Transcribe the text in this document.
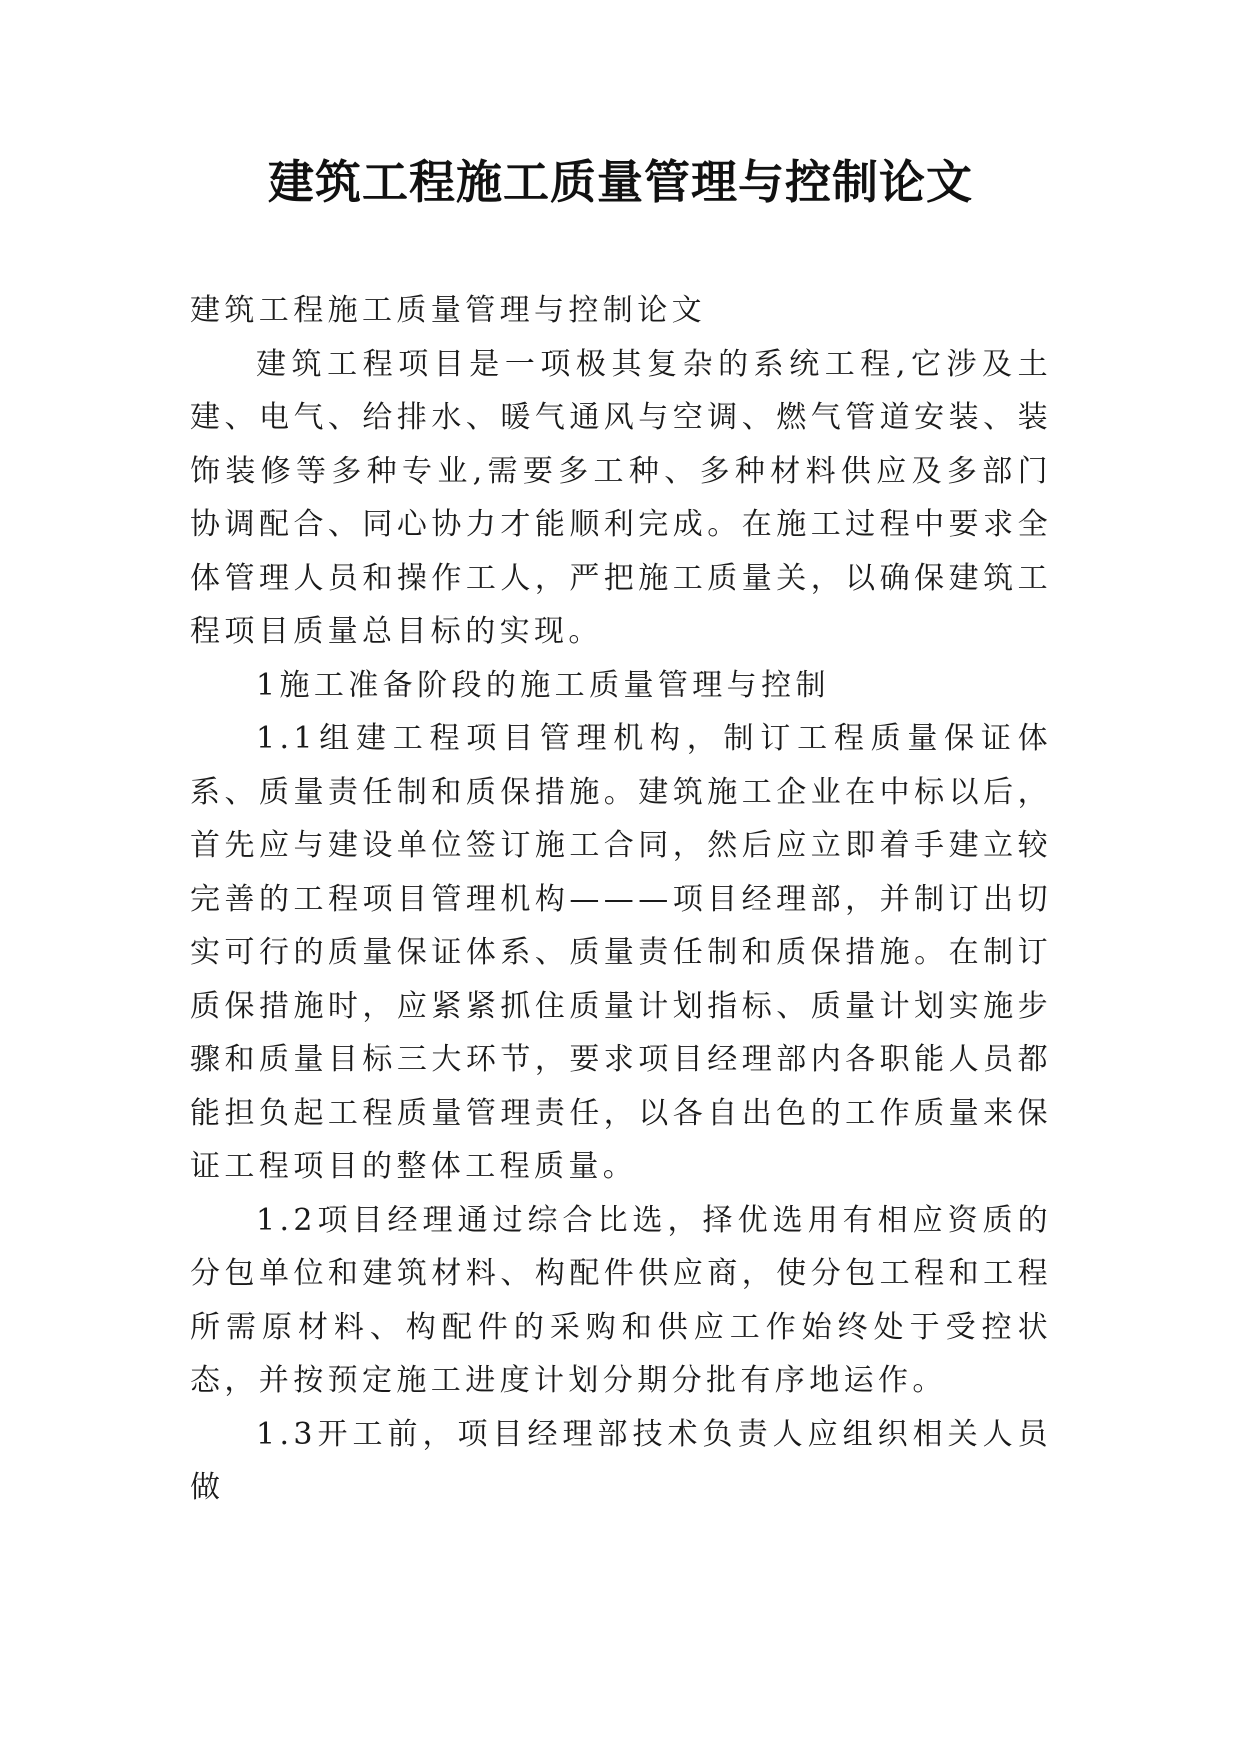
建筑工程施工质量管理与控制论文

建筑工程施工质量管理与控制论文

建筑工程项目是一项极其复杂的系统工程,它涉及土建、电气、给排水、暖气通风与空调、燃气管道安装、装饰装修等多种专业,需要多工种、多种材料供应及多部门协调配合、同心协力才能顺利完成。在施工过程中要求全体管理人员和操作工人，严把施工质量关，以确保建筑工程项目质量总目标的实现。

1施工准备阶段的施工质量管理与控制

1.1组建工程项目管理机构，制订工程质量保证体系、质量责任制和质保措施。建筑施工企业在中标以后，首先应与建设单位签订施工合同，然后应立即着手建立较完善的工程项目管理机构———项目经理部，并制订出切实可行的质量保证体系、质量责任制和质保措施。在制订质保措施时，应紧紧抓住质量计划指标、质量计划实施步骤和质量目标三大环节，要求项目经理部内各职能人员都能担负起工程质量管理责任，以各自出色的工作质量来保证工程项目的整体工程质量。

1.2项目经理通过综合比选，择优选用有相应资质的分包单位和建筑材料、构配件供应商，使分包工程和工程所需原材料、构配件的采购和供应工作始终处于受控状态，并按预定施工进度计划分期分批有序地运作。

1.3开工前，项目经理部技术负责人应组织相关人员做
